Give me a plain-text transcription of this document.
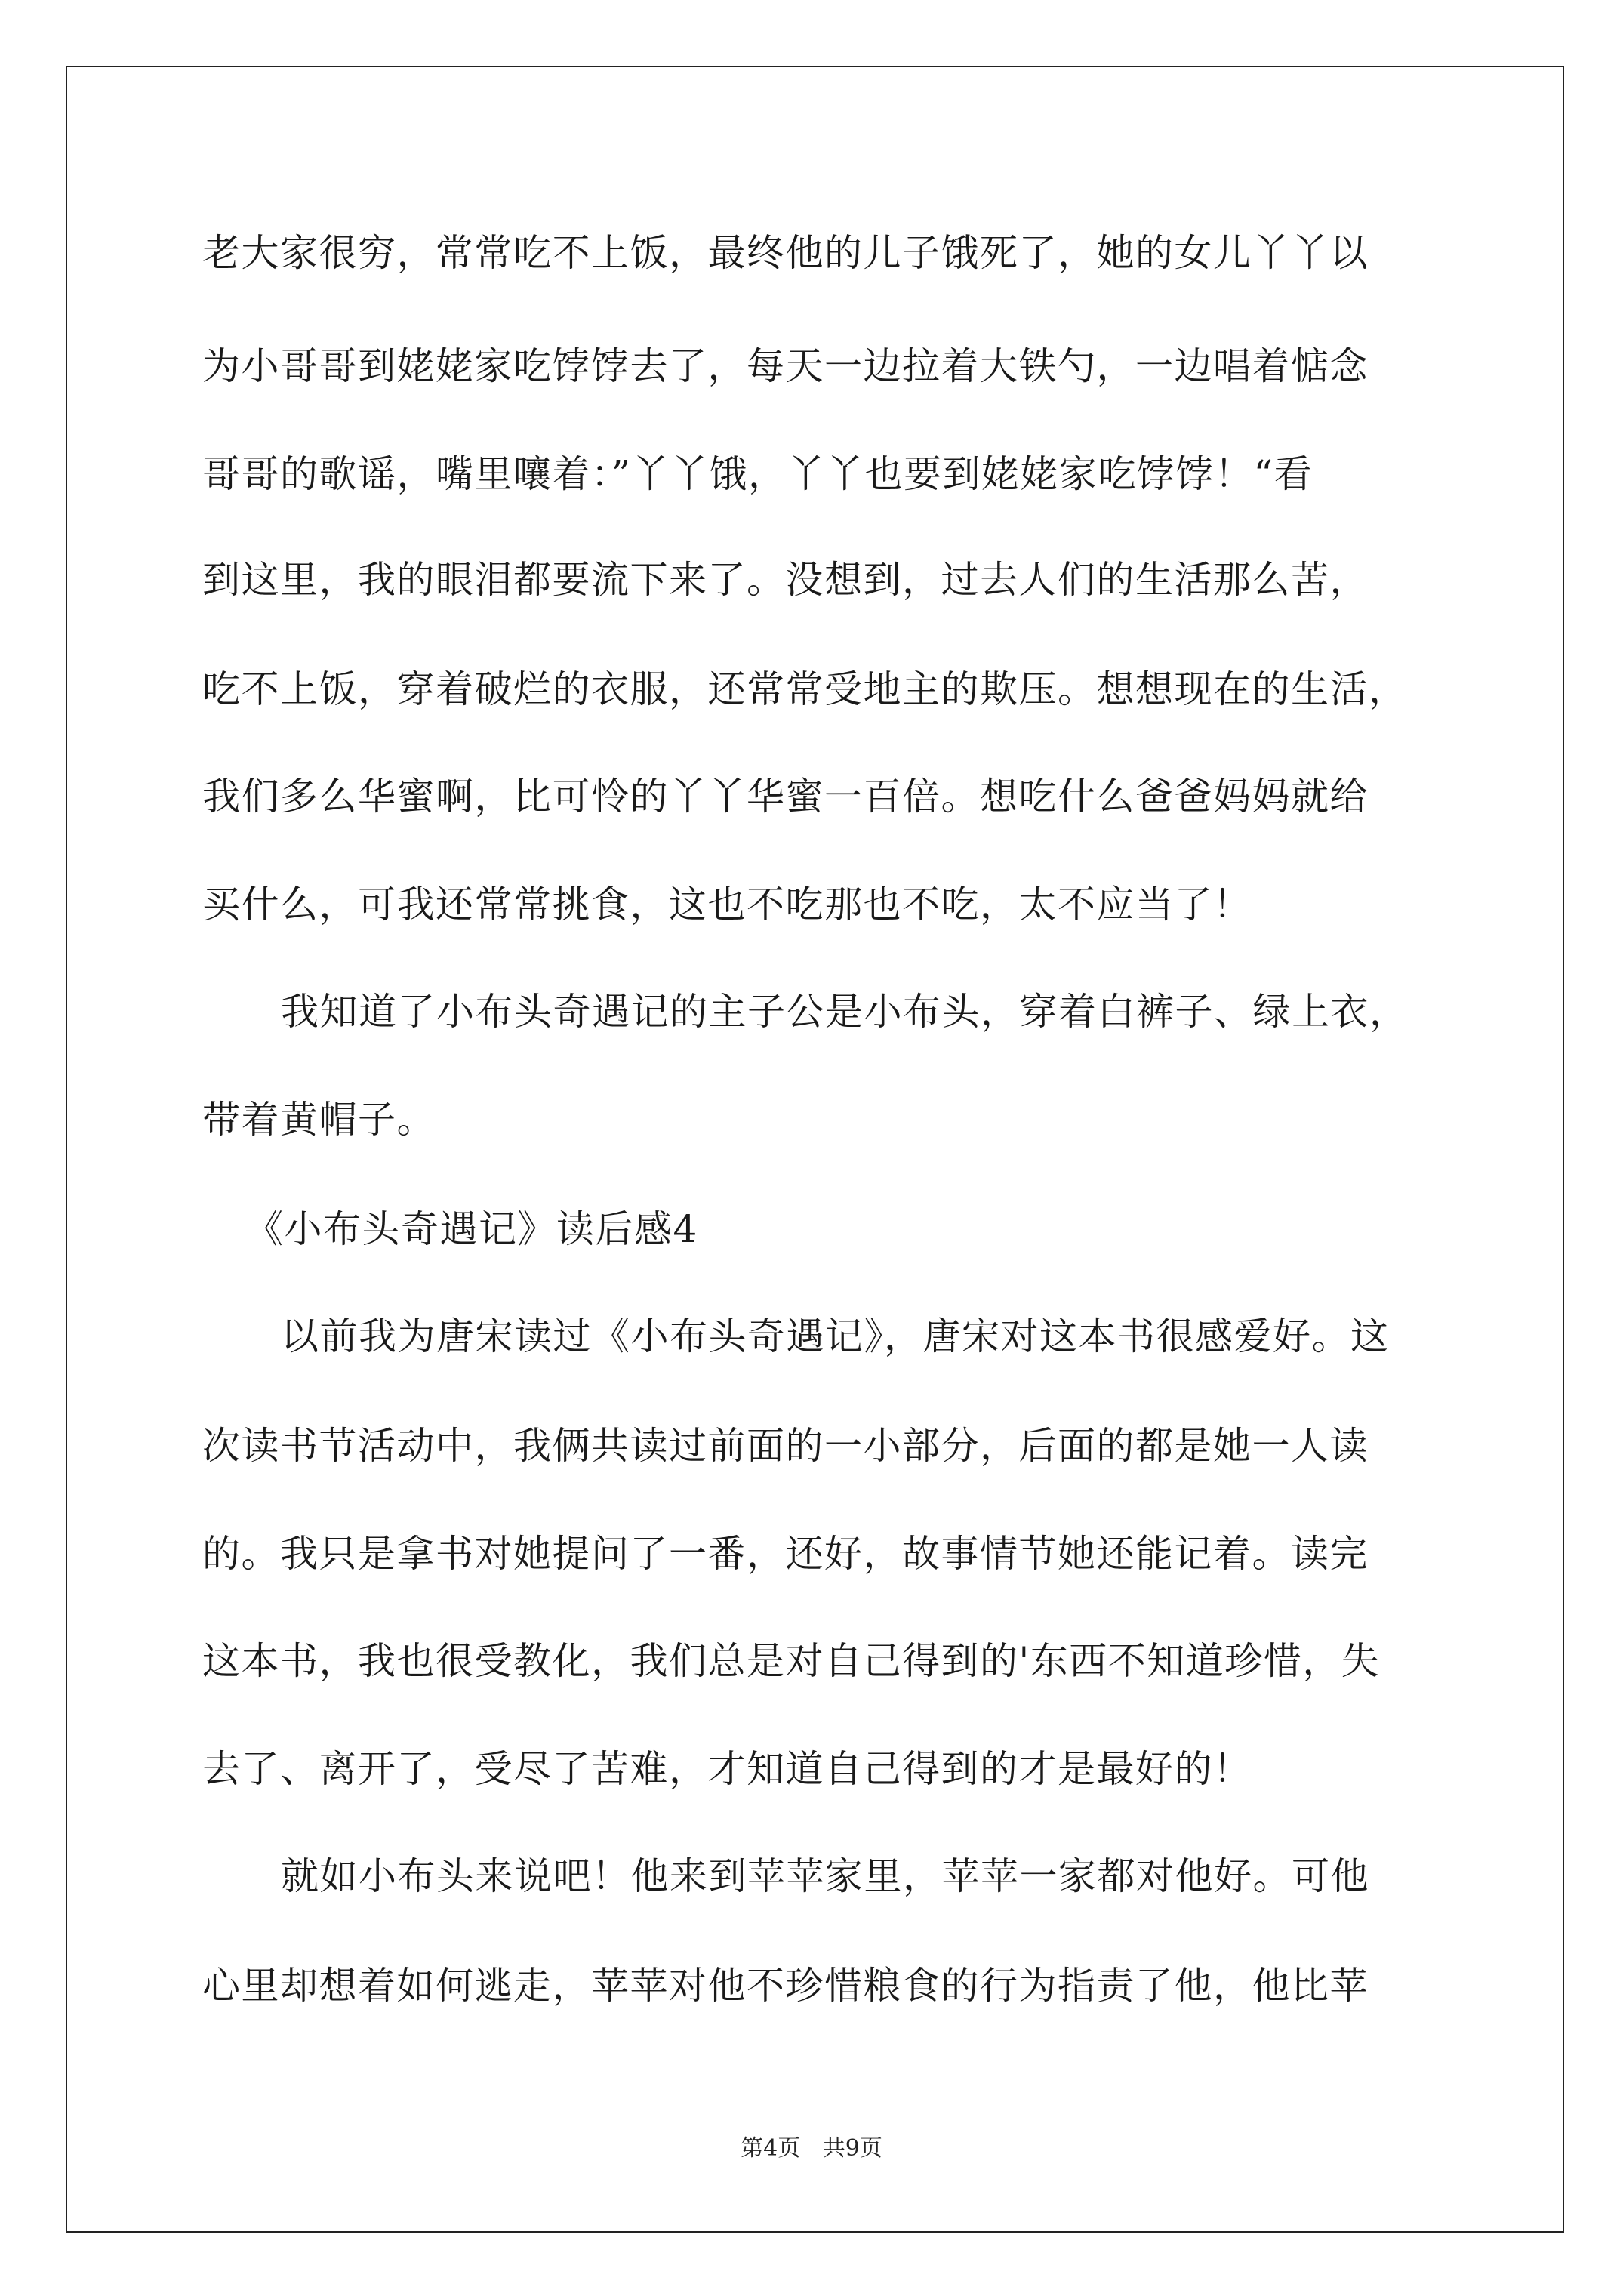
老大家很穷，常常吃不上饭，最终他的儿子饿死了，她的女儿丫丫以
为小哥哥到姥姥家吃饽饽去了，每天一边拉着大铁勺，一边唱着惦念
哥哥的歌谣，嘴里嚷着：”丫丫饿，丫丫也要到姥姥家吃饽饽！“看
到这里，我的眼泪都要流下来了。没想到，过去人们的生活那么苦，
吃不上饭，穿着破烂的衣服，还常常受地主的欺压。想想现在的生活，
我们多么华蜜啊，比可怜的丫丫华蜜一百倍。想吃什么爸爸妈妈就给
买什么，可我还常常挑食，这也不吃那也不吃，太不应当了！
我知道了小布头奇遇记的主子公是小布头，穿着白裤子、绿上衣，
带着黄帽子。
《小布头奇遇记》读后感4
以前我为唐宋读过《小布头奇遇记》，唐宋对这本书很感爱好。这
次读书节活动中，我俩共读过前面的一小部分，后面的都是她一人读
的。我只是拿书对她提问了一番，还好，故事情节她还能记着。读完
这本书，我也很受教化，我们总是对自己得到的'东西不知道珍惜，失
去了、离开了，受尽了苦难，才知道自己得到的才是最好的！
就如小布头来说吧！他来到苹苹家里，苹苹一家都对他好。可他
心里却想着如何逃走，苹苹对他不珍惜粮食的行为指责了他，他比苹
第4页 共9页
